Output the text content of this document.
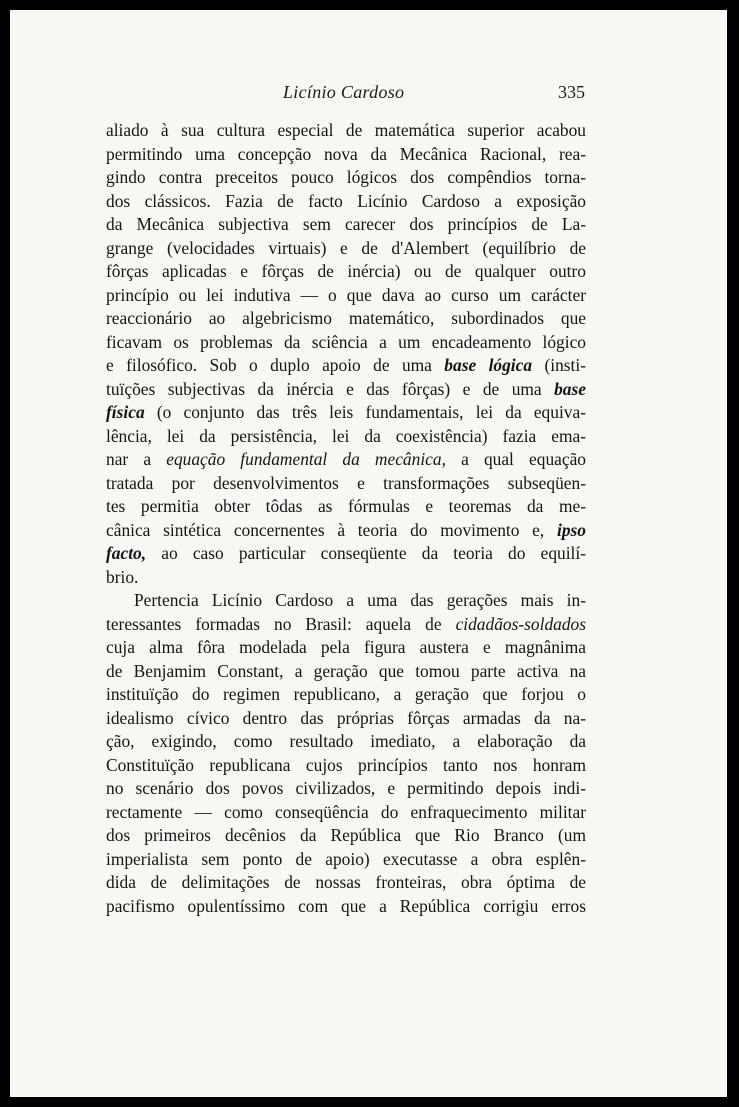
Licínio Cardoso	335
aliado à sua cultura especial de matemática superior acabou
permitindo uma concepção nova da Mecânica Racional, rea-
gindo contra preceitos pouco lógicos dos compêndios torna-
dos clássicos. Fazia de facto Licínio Cardoso a exposição
da Mecânica subjectiva sem carecer dos princípios de La-
grange (velocidades virtuais) e de d'Alembert (equilíbrio de
fôrças aplicadas e fôrças de inércia) ou de qualquer outro
princípio ou lei indutiva — o que dava ao curso um carácter
reaccionário ao algebricismo matemático, subordinados que
ficavam os problemas da sciência a um encadeamento lógico
e filosófico. Sob o duplo apoio de uma base lógica (insti-
tuïções subjectivas da inércia e das fôrças) e de uma base
física (o conjunto das três leis fundamentais, lei da equiva-
lência, lei da persistência, lei da coexistência) fazia ema-
nar a equação fundamental da mecânica, a qual equação
tratada por desenvolvimentos e transformações subseqüen-
tes permitia obter tôdas as fórmulas e teoremas da me-
cânica sintética concernentes à teoria do movimento e, ipso
facto, ao caso particular conseqüente da teoria do equilí-
brio.
Pertencia Licínio Cardoso a uma das gerações mais in-
teressantes formadas no Brasil: aquela de cidadãos-soldados
cuja alma fôra modelada pela figura austera e magnânima
de Benjamim Constant, a geração que tomou parte activa na
instituïção do regimen republicano, a geração que forjou o
idealismo cívico dentro das próprias fôrças armadas da na-
ção, exigindo, como resultado imediato, a elaboração da
Constituïção republicana cujos princípios tanto nos honram
no scenário dos povos civilizados, e permitindo depois indi-
rectamente — como conseqüência do enfraquecimento militar
dos primeiros decênios da República que Rio Branco (um
imperialista sem ponto de apoio) executasse a obra esplên-
dida de delimitações de nossas fronteiras, obra óptima de
pacifismo opulentíssimo com que a República corrigiu erros
